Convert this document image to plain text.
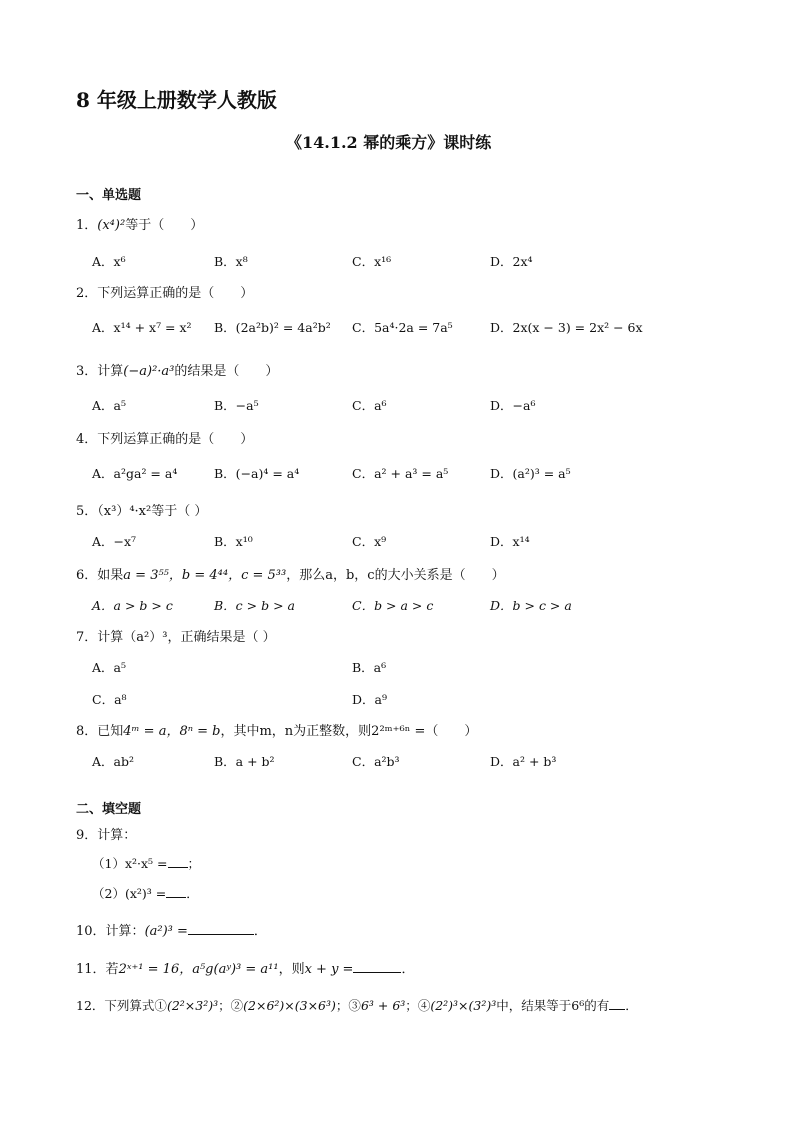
8 年级上册数学人教版
《14.1.2 幂的乘方》课时练
一、单选题
1．(x⁴)²等于（　　）
A．x⁶	B．x⁸	C．x¹⁶	D．2x⁴
2．下列运算正确的是（　　）
A．x¹⁴ + x⁷ = x² B．(2a²b)² = 4a²b² C．5a⁴·2a = 7a⁵	D．2x(x − 3) = 2x² − 6x
3．计算(−a)²·a³的结果是（　　）
A．a⁵	B．−a⁵	C．a⁶	D．−a⁶
4．下列运算正确的是（　　）
A．a²ga² = a⁴	B．(−a)⁴ = a⁴	C．a² + a³ = a⁵	D．(a²)³ = a⁵
5．（x³）⁴·x²等于（ ）
A．−x⁷	B．x¹⁰	C．x⁹	D．x¹⁴
6．如果a = 3⁵⁵，b = 4⁴⁴，c = 5³³，那么a，b，c的大小关系是（　　）
A．a > b > c	B．c > b > a	C．b > a > c	D．b > c > a
7．计算（a²）³，正确结果是（ ）
A．a⁵	B．a⁶
C．a⁸	D．a⁹
8．已知4ᵐ = a，8ⁿ = b，其中m，n为正整数，则2²ᵐ⁺⁶ⁿ =（　　）
A．ab²	B．a + b²	C．a²b³	D．a² + b³
二、填空题
9．计算：
（1）x²·x⁵ = ；
（2）(x²)³ = ．
10．计算：(a²)³ =	．
11．若2ˣ⁺¹ = 16，a⁵g(aʸ)³ = a¹¹，则x + y =	．
12．下列算式①(2²×3²)³；②(2×6²)×(3×6³)；③6³ + 6³；④(2²)³×(3²)³中，结果等于6⁶的有 ．
